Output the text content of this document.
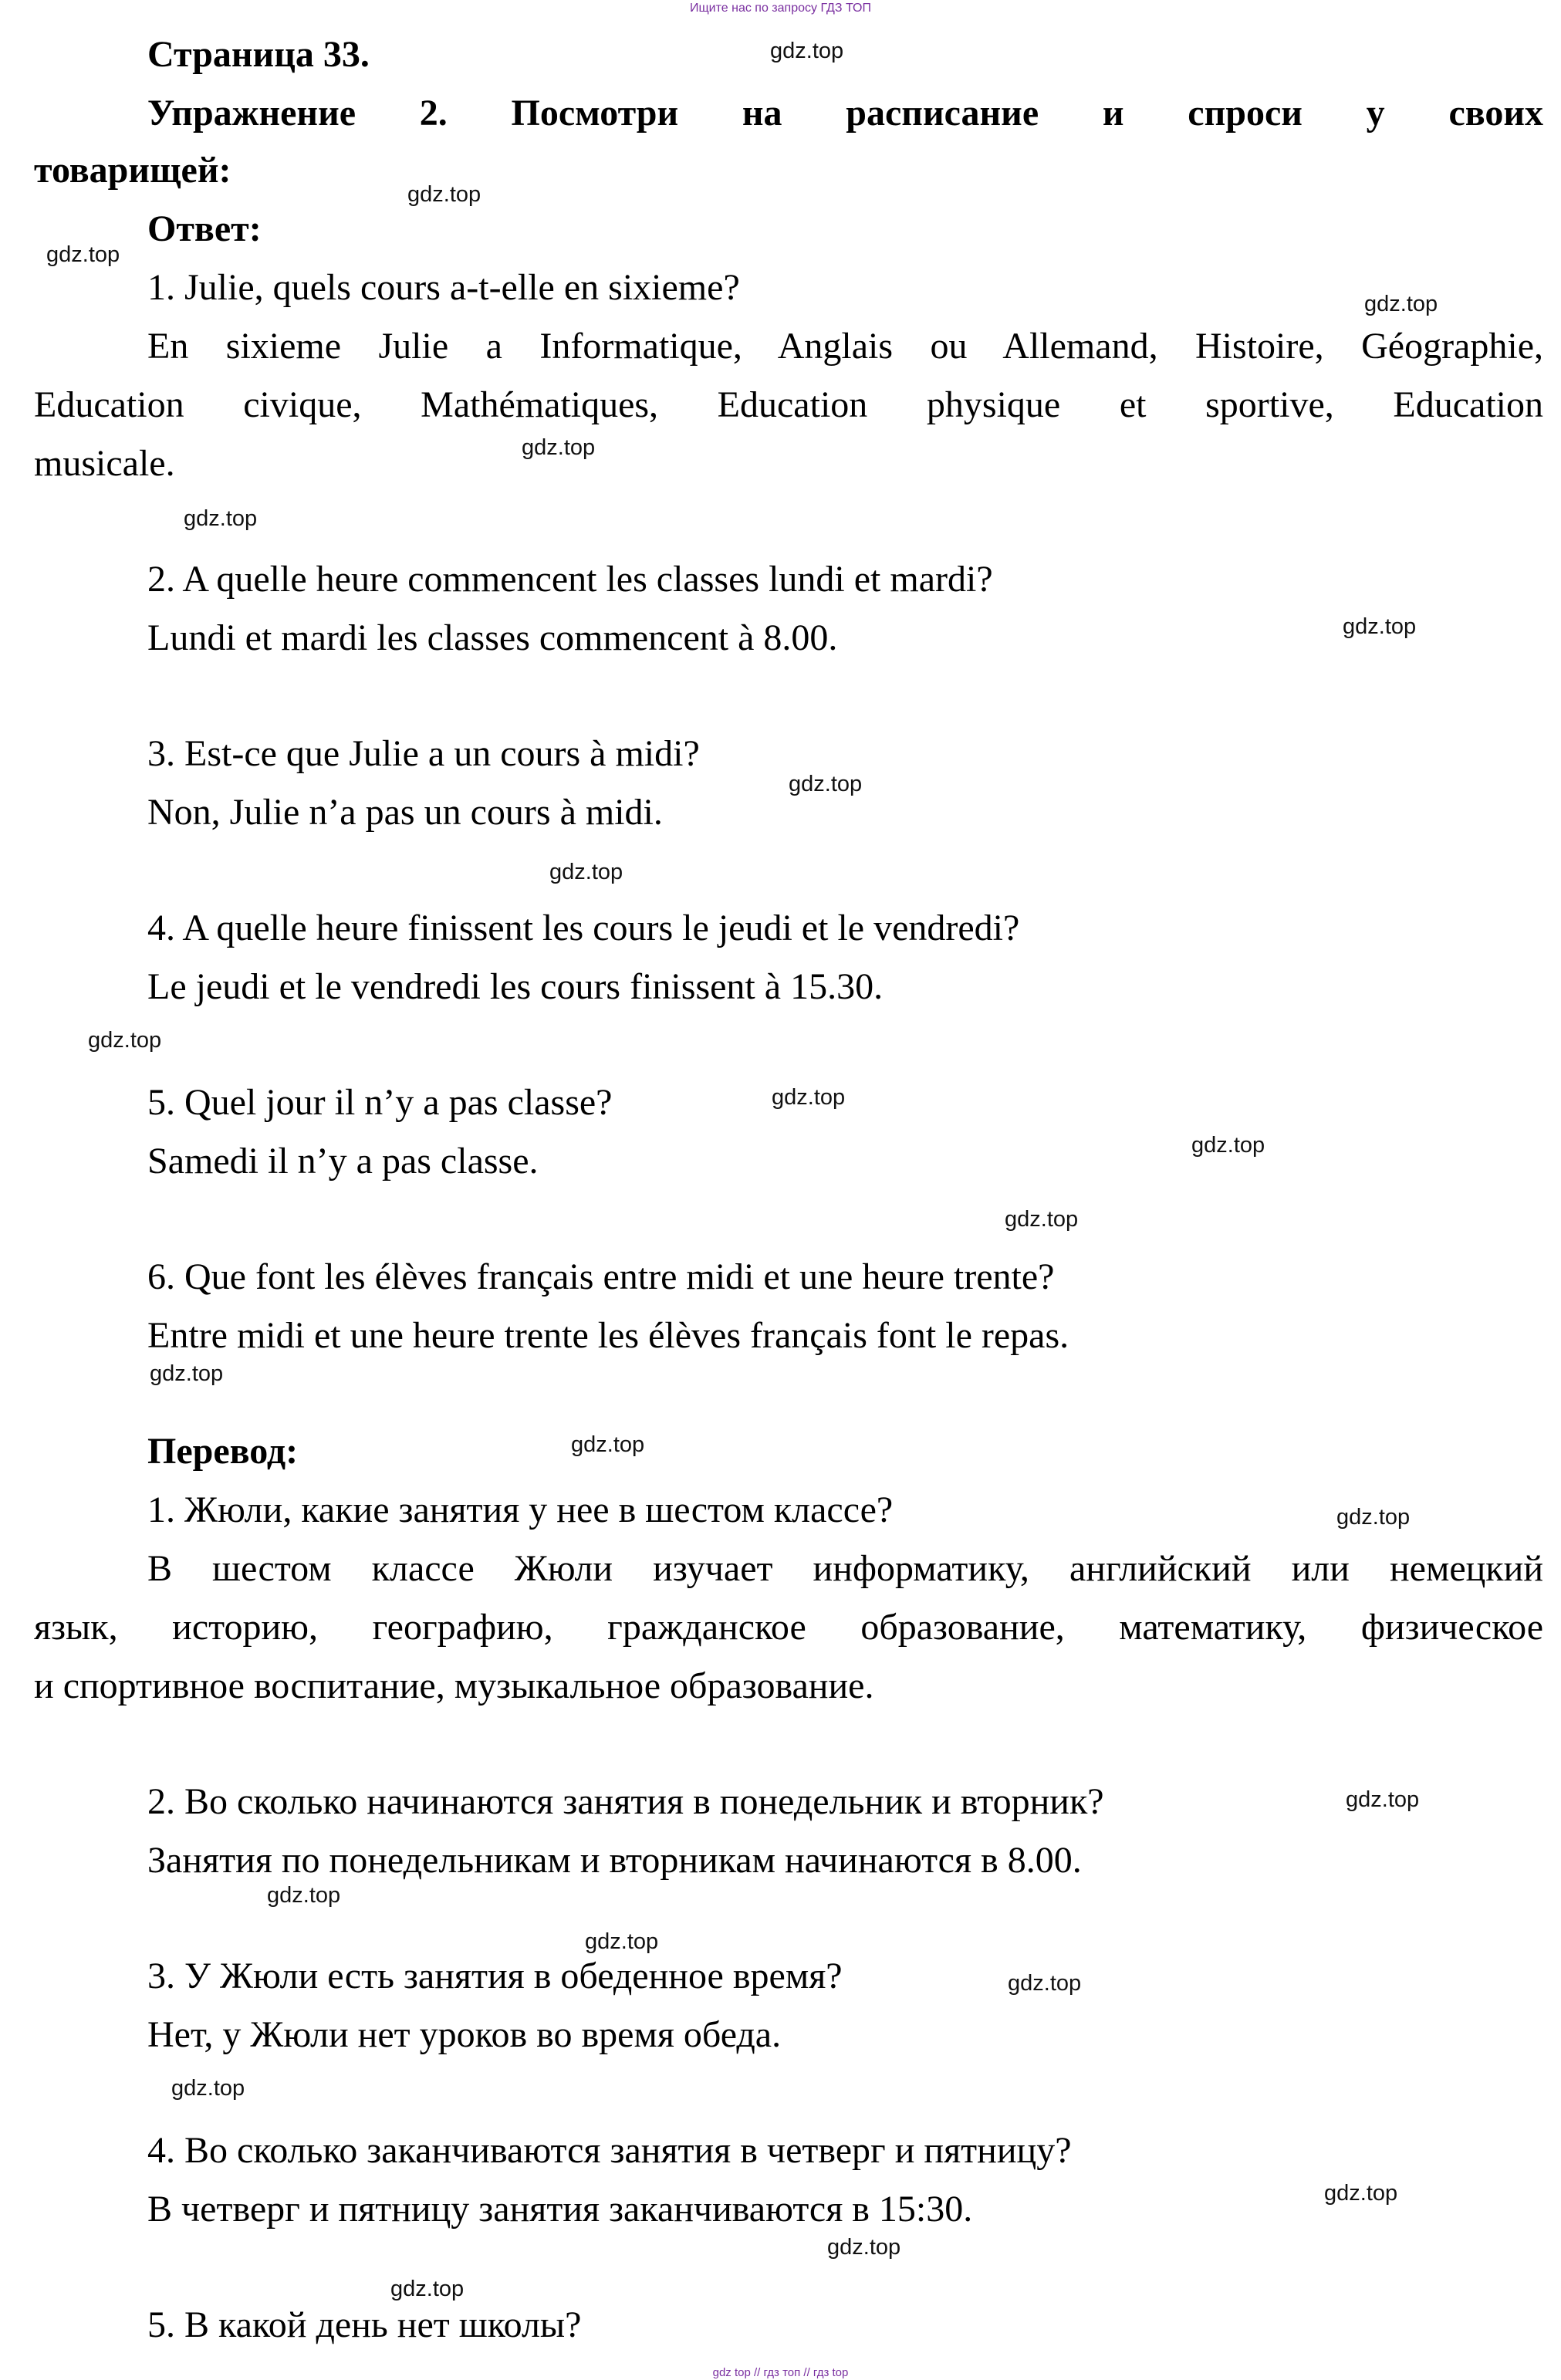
Ищите нас по запросу ГДЗ ТОП
Страница 33.
Упражнение 2. Посмотри на расписание и спроси у своих
товарищей:
Ответ:
1. Julie, quels cours a-t-elle en sixieme?
En sixieme Julie a Informatique, Anglais ou Allemand, Histoire, Géographie,
Education civique, Mathématiques, Education physique et sportive, Education
musicale.
2. A quelle heure commencent les classes lundi et mardi?
Lundi et mardi les classes commencent à 8.00.
3. Est-ce que Julie a un cours à midi?
Non, Julie n’a pas un cours à midi.
4. A quelle heure finissent les cours le jeudi et le vendredi?
Le jeudi et le vendredi les cours finissent à 15.30.
5. Quel jour il n’y a pas classe?
Samedi il n’y a pas classe.
6. Que font les élèves français entre midi et une heure trente?
Entre midi et une heure trente les élèves français font le repas.
Перевод:
1. Жюли, какие занятия у нее в шестом классе?
В шестом классе Жюли изучает информатику, английский или немецкий
язык, историю, географию, гражданское образование, математику, физическое
и спортивное воспитание, музыкальное образование.
2. Во сколько начинаются занятия в понедельник и вторник?
Занятия по понедельникам и вторникам начинаются в 8.00.
3. У Жюли есть занятия в обеденное время?
Нет, у Жюли нет уроков во время обеда.
4. Во сколько заканчиваются занятия в четверг и пятницу?
В четверг и пятницу занятия заканчиваются в 15:30.
5. В какой день нет школы?
gdz.top
gdz.top
gdz.top
gdz.top
gdz.top
gdz.top
gdz.top
gdz.top
gdz.top
gdz.top
gdz.top
gdz.top
gdz.top
gdz.top
gdz.top
gdz.top
gdz.top
gdz.top
gdz.top
gdz.top
gdz.top
gdz.top
gdz.top
gdz.top
gdz top // гдз топ // гдз top
